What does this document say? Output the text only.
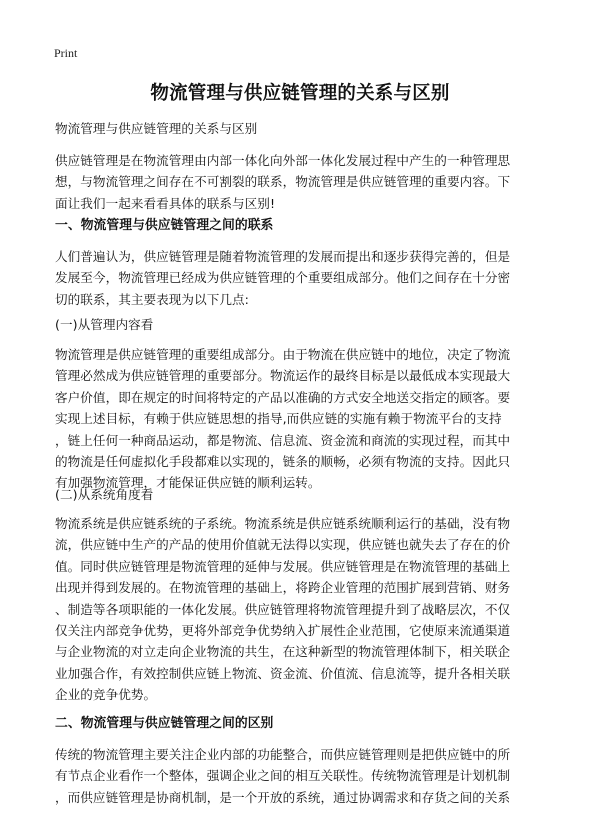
Print
物流管理与供应链管理的关系与区别
物流管理与供应链管理的关系与区别
供应链管理是在物流管理由内部一体化向外部一体化发展过程中产生的一种管理思
想，与物流管理之间存在不可割裂的联系，物流管理是供应链管理的重要内容。下
面让我们一起来看看具体的联系与区别!
一、物流管理与供应链管理之间的联系
人们普遍认为，供应链管理是随着物流管理的发展而提出和逐步获得完善的，但是
发展至今，物流管理已经成为供应链管理的个重要组成部分。他们之间存在十分密
切的联系，其主要表现为以下几点:
(一)从管理内容看
物流管理是供应链管理的重要组成部分。由于物流在供应链中的地位，决定了物流
管理必然成为供应链管理的重要部分。物流运作的最终目标是以最低成本实现最大
客户价值，即在规定的时间将特定的产品以准确的方式安全地送交指定的顾客。要
实现上述目标，有赖于供应链思想的指导,而供应链的实施有赖于物流平台的支持
，链上任何一种商品运动，都是物流、信息流、资金流和商流的实现过程，而其中
的物流是任何虚拟化手段都难以实现的，链条的顺畅，必须有物流的支持。因此只
有加强物流管理，才能保证供应链的顺利运转。
(二)从系统角度看
物流系统是供应链系统的子系统。物流系统是供应链系统顺利运行的基础，没有物
流，供应链中生产的产品的使用价值就无法得以实现，供应链也就失去了存在的价
值。同时供应链管理是物流管理的延伸与发展。供应链管理是在物流管理的基础上
出现并得到发展的。在物流管理的基础上，将跨企业管理的范围扩展到营销、财务
、制造等各项职能的一体化发展。供应链管理将物流管理提升到了战略层次，不仅
仅关注内部竞争优势，更将外部竞争优势纳入扩展性企业范围，它使原来流通渠道
与企业物流的对立走向企业物流的共生，在这种新型的物流管理体制下，相关联企
业加强合作，有效控制供应链上物流、资金流、价值流、信息流等，提升各相关联
企业的竞争优势。
二、物流管理与供应链管理之间的区别
传统的物流管理主要关注企业内部的功能整合，而供应链管理则是把供应链中的所
有节点企业看作一个整体，强调企业之间的相互关联性。传统物流管理是计划机制
，而供应链管理是协商机制，是一个开放的系统，通过协调需求和存货之间的关系
